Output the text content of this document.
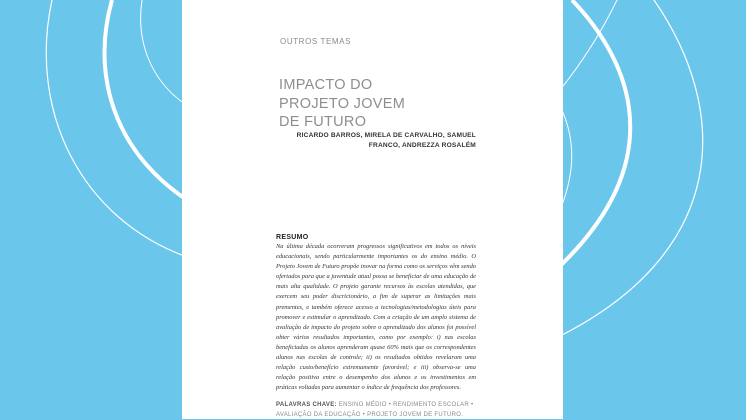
OUTROS TEMAS
IMPACTO DO
PROJETO JOVEM
DE FUTURO
RICARDO BARROS, MIRELA DE CARVALHO, SAMUEL
FRANCO, ANDREZZA ROSALÉM
RESUMO

Na última década ocorreram progressos significativos em todos os níveis educacionais, sendo particularmente importantes os do ensino médio. O Projeto Jovem de Futuro propõe inovar na forma como os serviços vêm sendo ofertados para que a juventude atual possa se beneficiar de uma educação de mais alta qualidade. O projeto garante recursos às escolas atendidas, que exercem seu poder discricionário, a fim de superar as limitações mais prementes, e também oferece acesso a tecnologias/metodologias úteis para promover e estimular o aprendizado. Com a criação de um amplo sistema de avaliação de impacto do projeto sobre o aprendizado dos alunos foi possível obter vários resultados importantes, como por exemplo: i) nas escolas beneficiadas os alunos aprenderam quase 60% mais que os correspondentes alunos nas escolas de controle; ii) os resultados obtidos revelaram uma relação custo/benefício extremamente favorável; e iii) observa-se uma relação positiva entre o desempenho dos alunos e os investimentos em práticas voltadas para aumentar o índice de frequência dos professores.

PALAVRAS CHAVE: ENSINO MÉDIO • RENDIMENTO ESCOLAR • AVALIAÇÃO DA EDUCAÇÃO • PROJETO JOVEM DE FUTURO.
